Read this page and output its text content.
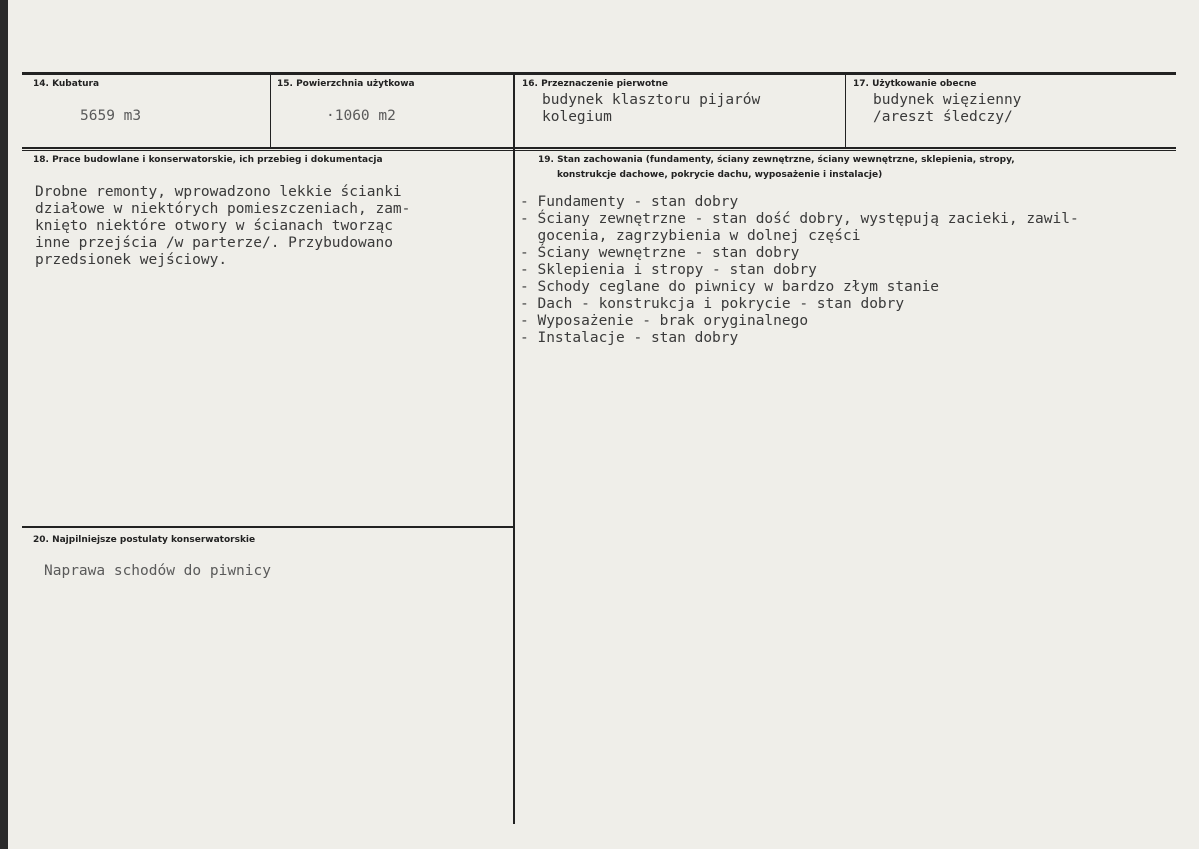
14. Kubatura
5659 m3
15. Powierzchnia użytkowa
·1060 m2
16. Przeznaczenie pierwotne
budynek klasztoru pijarów
kolegium
17. Użytkowanie obecne
budynek więzienny
/areszt śledczy/
18. Prace budowlane i konserwatorskie, ich przebieg i dokumentacja
Drobne remonty, wprowadzono lekkie ścianki
działowe w niektórych pomieszczeniach, zam-
knięto niektóre otwory w ścianach tworząc
inne przejścia /w parterze/. Przybudowano
przedsionek wejściowy.
19. Stan zachowania (fundamenty, ściany zewnętrzne, ściany wewnętrzne, sklepienia, stropy,
konstrukcje dachowe, pokrycie dachu, wyposażenie i instalacje)
- Fundamenty - stan dobry
- Ściany zewnętrzne - stan dość dobry, występują zacieki, zawil-
gocenia, zagrzybienia w dolnej części
- Ściany wewnętrzne - stan dobry
- Sklepienia i stropy - stan dobry
- Schody ceglane do piwnicy w bardzo złym stanie
- Dach - konstrukcja i pokrycie - stan dobry
- Wyposażenie - brak oryginalnego
- Instalacje - stan dobry
20. Najpilniejsze postulaty konserwatorskie
Naprawa schodów do piwnicy
